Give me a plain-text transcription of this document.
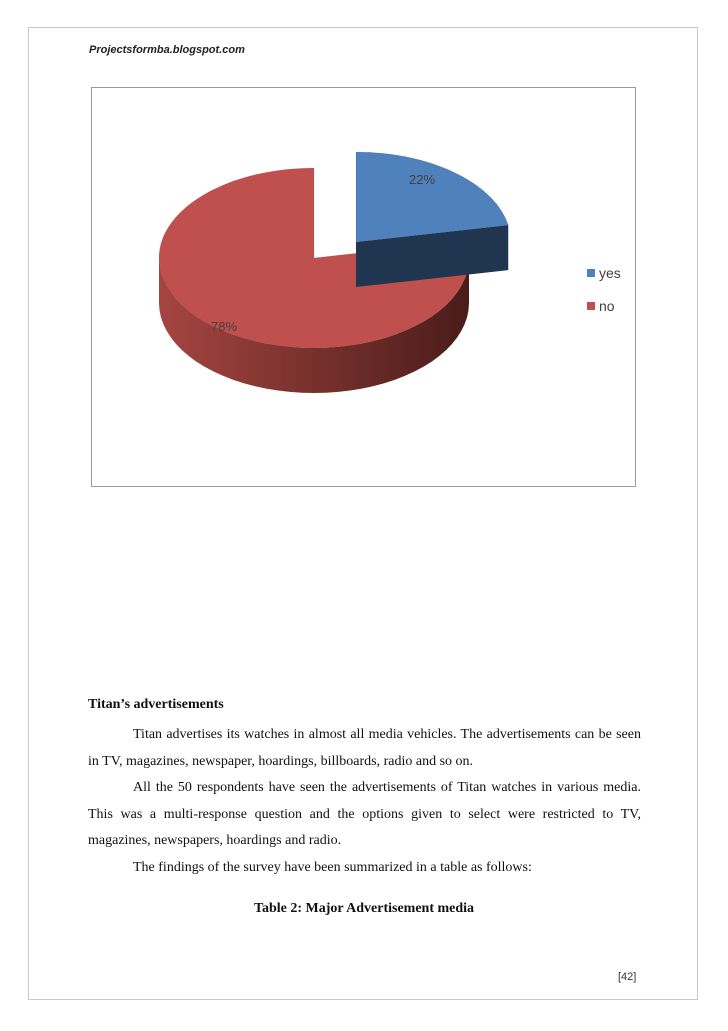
Projectsformba.blogspot.com
22%
78%
yes
no
Titan’s advertisements

Titan advertises its watches in almost all media vehicles. The advertisements can be seen in TV, magazines, newspaper, hoardings, billboards, radio and so on.

All the 50 respondents have seen the advertisements of Titan watches in various media. This was a multi-response question and the options given to select were restricted to TV, magazines, newspapers, hoardings and radio.

The findings of the survey have been summarized in a table as follows:

Table 2: Major Advertisement media
[42]
